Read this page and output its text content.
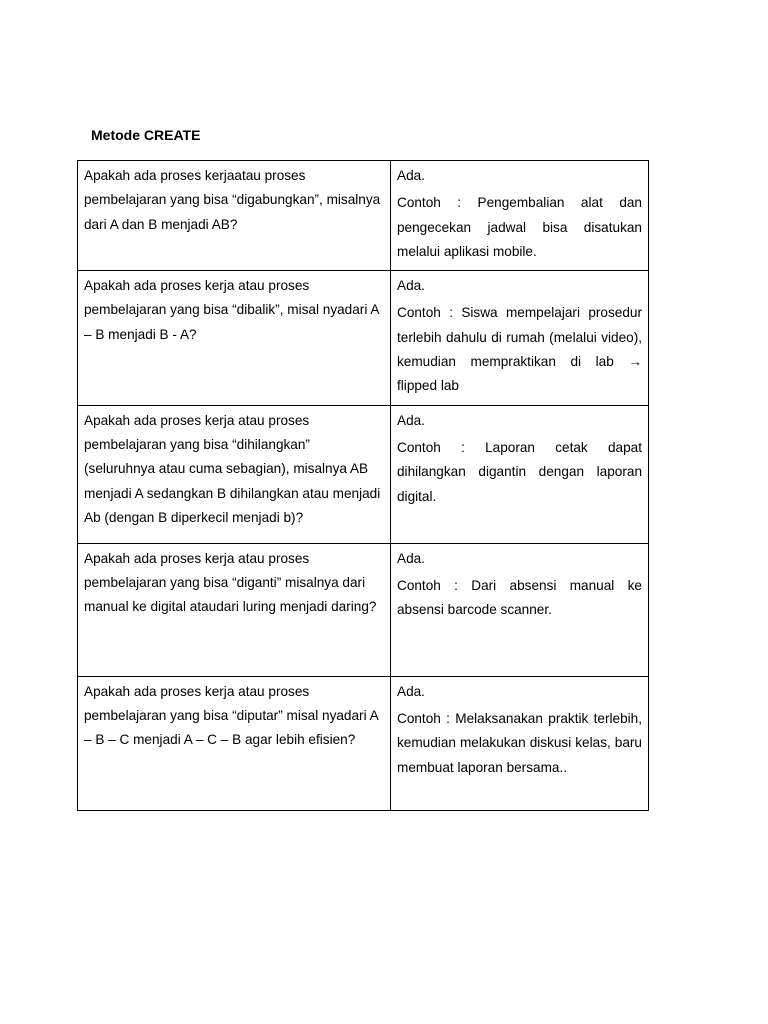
Metode CREATE
Apakah ada proses kerjaatau proses pembelajaran yang bisa “digabungkan”, misalnya dari A dan B menjadi AB?	Ada.
Contoh : Pengembalian alat dan pengecekan jadwal bisa disatukan melalui aplikasi mobile.

Apakah ada proses kerja atau proses pembelajaran yang bisa “dibalik”, misal nyadari A – B menjadi B - A?	Ada.
Contoh : Siswa mempelajari prosedur terlebih dahulu di rumah (melalui video), kemudian mempraktikan di lab → flipped lab

Apakah ada proses kerja atau proses pembelajaran yang bisa “dihilangkan” (seluruhnya atau cuma sebagian), misalnya AB menjadi A sedangkan B dihilangkan atau menjadi Ab (dengan B diperkecil menjadi b)?	Ada.
Contoh : Laporan cetak dapat dihilangkan digantin dengan laporan digital.

Apakah ada proses kerja atau proses pembelajaran yang bisa “diganti” misalnya dari manual ke digital ataudari luring menjadi daring?	Ada.
Contoh : Dari absensi manual ke absensi barcode scanner.

Apakah ada proses kerja atau proses pembelajaran yang bisa “diputar” misal nyadari A – B – C menjadi A – C – B agar lebih efisien?	Ada.
Contoh : Melaksanakan praktik terlebih, kemudian melakukan diskusi kelas, baru membuat laporan bersama..
